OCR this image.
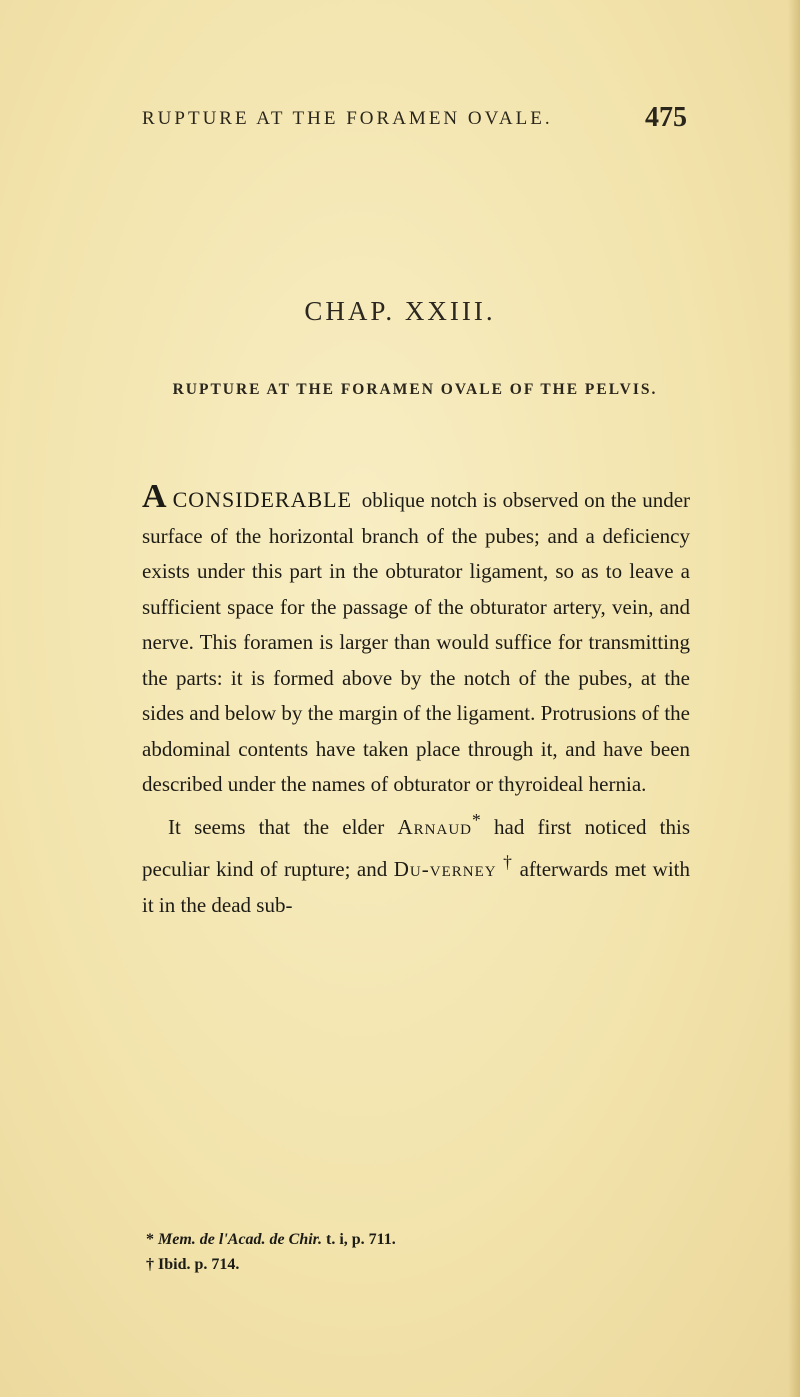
RUPTURE AT THE FORAMEN OVALE.	475
CHAP. XXIII.
RUPTURE AT THE FORAMEN OVALE OF THE PELVIS.

ACONSIDERABLE oblique notch is observed on the under surface of the horizontal branch of the pubes; and a deficiency exists under this part in the obturator ligament, so as to leave a sufficient space for the passage of the obturator artery, vein, and nerve. This foramen is larger than would suffice for transmitting the parts: it is formed above by the notch of the pubes, at the sides and below by the margin of the ligament. Protrusions of the abdominal contents have taken place through it, and have been described under the names of obturator or thyroideal hernia.

It seems that the elder Arnaud* had first noticed this peculiar kind of rupture; and Du-verney † afterwards met with it in the dead sub-

* Mem. de l'Acad. de Chir. t. i, p. 711.
† Ibid. p. 714.
